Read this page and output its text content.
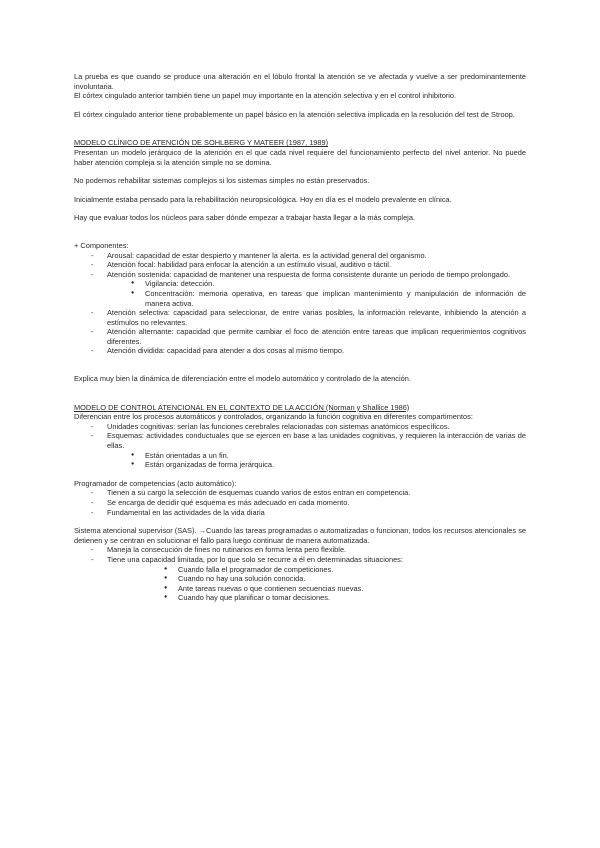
La prueba es que cuando se produce una alteración en el lóbulo frontal la atención se ve afectada y vuelve a ser predominantemente involuntaria.

El córtex cingulado anterior también tiene un papel muy importante en la atención selectiva y en el control inhibitorio.

El córtex cingulado anterior tiene probablemente un papel básico en la atención selectiva implicada en la resolución del test de Stroop.

MODELO CLÍNICO DE ATENCIÓN DE SOHLBERG Y MATEER (1987, 1989)

Presentan un modelo jerárquico de la atención en el que cada nivel requiere del funcionamiento perfecto del nivel anterior. No puede haber atención compleja si la atención simple no se domina.

No podemos rehabilitar sistemas complejos si los sistemas simples no están preservados.

Inicialmente estaba pensado para la rehabilitación neuropsicológica. Hoy en día es el modelo prevalente en clínica.

Hay que evaluar todos los núcleos para saber dónde empezar a trabajar hasta llegar a la más compleja.

+ Componentes:

- Arousal: capacidad de estar despierto y mantener la alerta. es la actividad general del organismo.
- Atención focal: habilidad para enfocar la atención a un estímulo visual, auditivo o táctil.
- Atención sostenida: capacidad de mantener una respuesta de forma consistente durante un periodo de tiempo prolongado.
● Vigilancia: detección.
● Concentración: memoria operativa, en tareas que implican mantenimiento y manipulación de información de manera activa.
- Atención selectiva: capacidad para seleccionar, de entre varias posibles, la información relevante, inhibiendo la atención a estímulos no relevantes.
- Atención alternante: capacidad que permite cambiar el foco de atención entre tareas que implican requerimientos cognitivos diferentes.
- Atención dividida: capacidad para atender a dos cosas al mismo tiempo.

Explica muy bien la dinámica de diferenciación entre el modelo automático y controlado de la atención.

MODELO DE CONTROL ATENCIONAL EN EL CONTEXTO DE LA ACCIÓN (Norman y Shallice 1986)

Diferencian entre los procesos automáticos y controlados, organizando la función cognitiva en diferentes compartimentos:

- Unidades cognitivas: serían las funciones cerebrales relacionadas con sistemas anatómicos específicos.
- Esquemas: actividades conductuales que se ejercen en base a las unidades cognitivas, y requieren la interacción de varias de ellas.
● Están orientadas a un fin.
● Están organizadas de forma jerárquica.

Programador de competencias (acto automático):

- Tienen a su cargo la selección de esquemas cuando varios de estos entran en competencia.
- Se encarga de decidir qué esquema es más adecuado en cada momento.
- Fundamental en las actividades de la vida diaria

Sistema atencional supervisor (SAS). →Cuando las tareas programadas o automatizadas o funcionan, todos los recursos atencionales se detienen y se centran en solucionar el fallo para luego continuar de manera automatizada.

- Maneja la consecución de fines no rutinarios en forma lenta pero flexible.
- Tiene una capacidad limitada, por lo que solo se recurre a él en determinadas situaciones:
● Cuando falla el programador de competiciones.
● Cuando no hay una solución conocida.
● Ante tareas nuevas o que contienen secuencias nuevas.
● Cuando hay que planificar o tomar decisiones.
